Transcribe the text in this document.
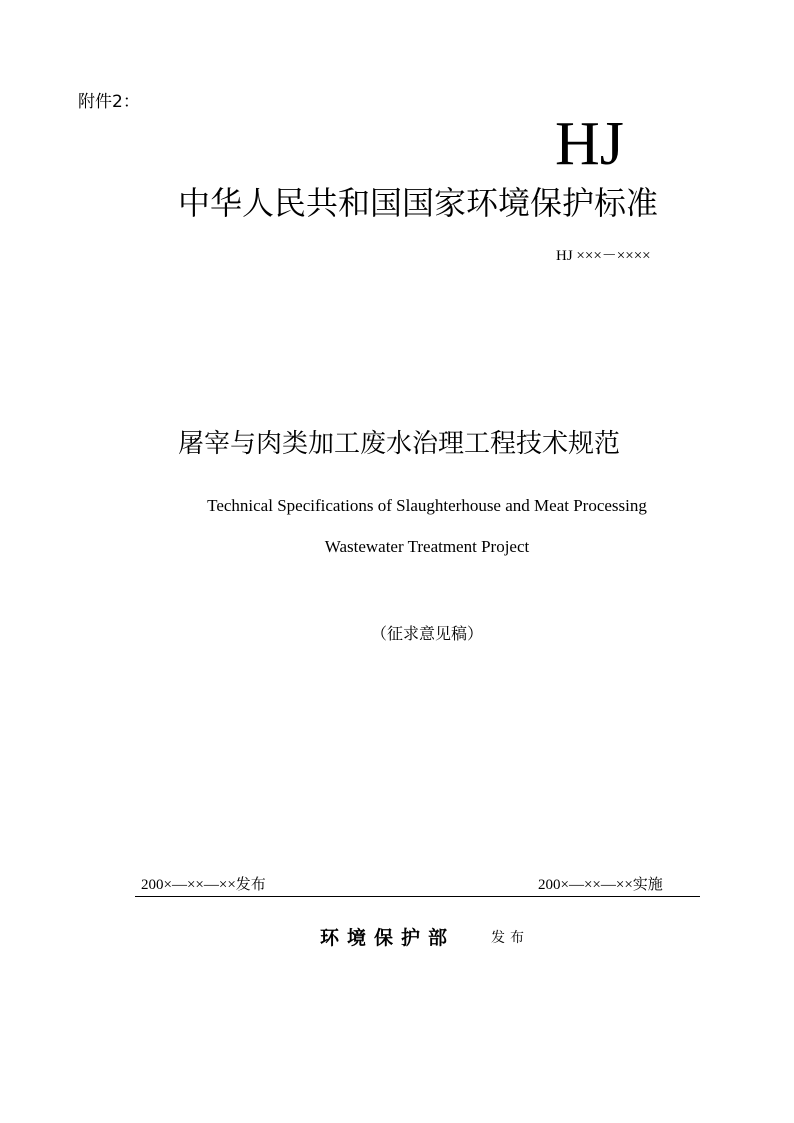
附件2：
HJ
中华人民共和国国家环境保护标准
HJ ×××－××××
屠宰与肉类加工废水治理工程技术规范
Technical Specifications of Slaughterhouse and Meat Processing
Wastewater Treatment Project
（征求意见稿）
200×—××—××发布	200×—××—××实施
环境保护部	发布
